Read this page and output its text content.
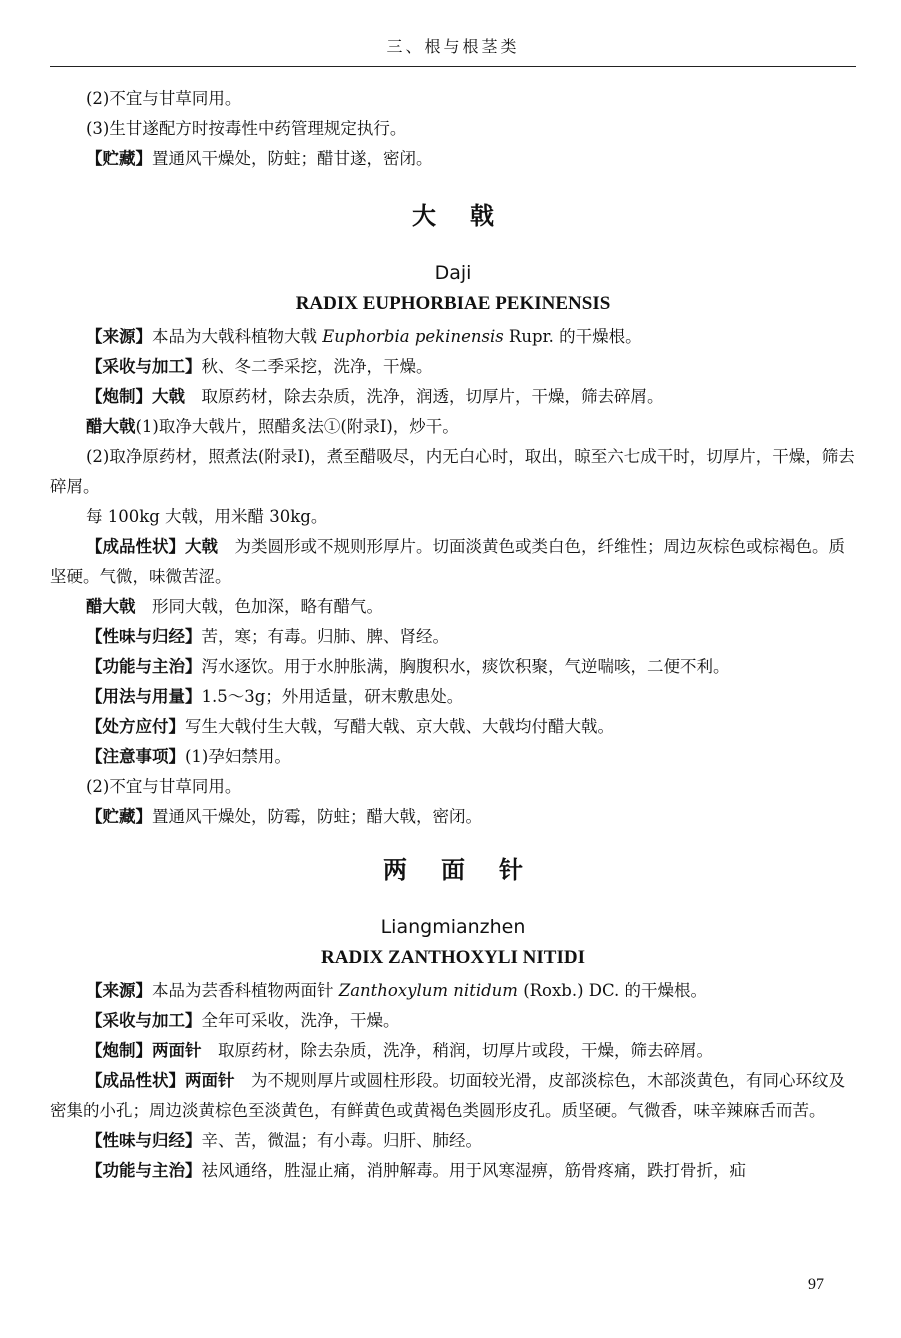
三、根与根茎类

(2)不宜与甘草同用。

(3)生甘遂配方时按毒性中药管理规定执行。

【贮藏】置通风干燥处，防蛀；醋甘遂，密闭。

大戟
Daji
RADIX EUPHORBIAE PEKINENSIS

【来源】本品为大戟科植物大戟 Euphorbia pekinensis Rupr. 的干燥根。

【采收与加工】秋、冬二季采挖，洗净，干燥。

【炮制】大戟　取原药材，除去杂质，洗净，润透，切厚片，干燥，筛去碎屑。

醋大戟(1)取净大戟片，照醋炙法①(附录Ⅰ)，炒干。

(2)取净原药材，照煮法(附录Ⅰ)，煮至醋吸尽，内无白心时，取出，晾至六七成干时，切厚片，干燥，筛去碎屑。

每 100kg 大戟，用米醋 30kg。

【成品性状】大戟　为类圆形或不规则形厚片。切面淡黄色或类白色，纤维性；周边灰棕色或棕褐色。质坚硬。气微，味微苦涩。

醋大戟　形同大戟，色加深，略有醋气。

【性味与归经】苦，寒；有毒。归肺、脾、肾经。

【功能与主治】泻水逐饮。用于水肿胀满，胸腹积水，痰饮积聚，气逆喘咳，二便不利。

【用法与用量】1.5～3g；外用适量，研末敷患处。

【处方应付】写生大戟付生大戟，写醋大戟、京大戟、大戟均付醋大戟。

【注意事项】(1)孕妇禁用。

(2)不宜与甘草同用。

【贮藏】置通风干燥处，防霉，防蛀；醋大戟，密闭。

两面针
Liangmianzhen
RADIX ZANTHOXYLI NITIDI

【来源】本品为芸香科植物两面针 Zanthoxylum nitidum (Roxb.) DC. 的干燥根。

【采收与加工】全年可采收，洗净，干燥。

【炮制】两面针　取原药材，除去杂质，洗净，稍润，切厚片或段，干燥，筛去碎屑。

【成品性状】两面针　为不规则厚片或圆柱形段。切面较光滑，皮部淡棕色，木部淡黄色，有同心环纹及密集的小孔；周边淡黄棕色至淡黄色，有鲜黄色或黄褐色类圆形皮孔。质坚硬。气微香，味辛辣麻舌而苦。

【性味与归经】辛、苦，微温；有小毒。归肝、肺经。

【功能与主治】祛风通络，胜湿止痛，消肿解毒。用于风寒湿痹，筋骨疼痛，跌打骨折，疝

97
